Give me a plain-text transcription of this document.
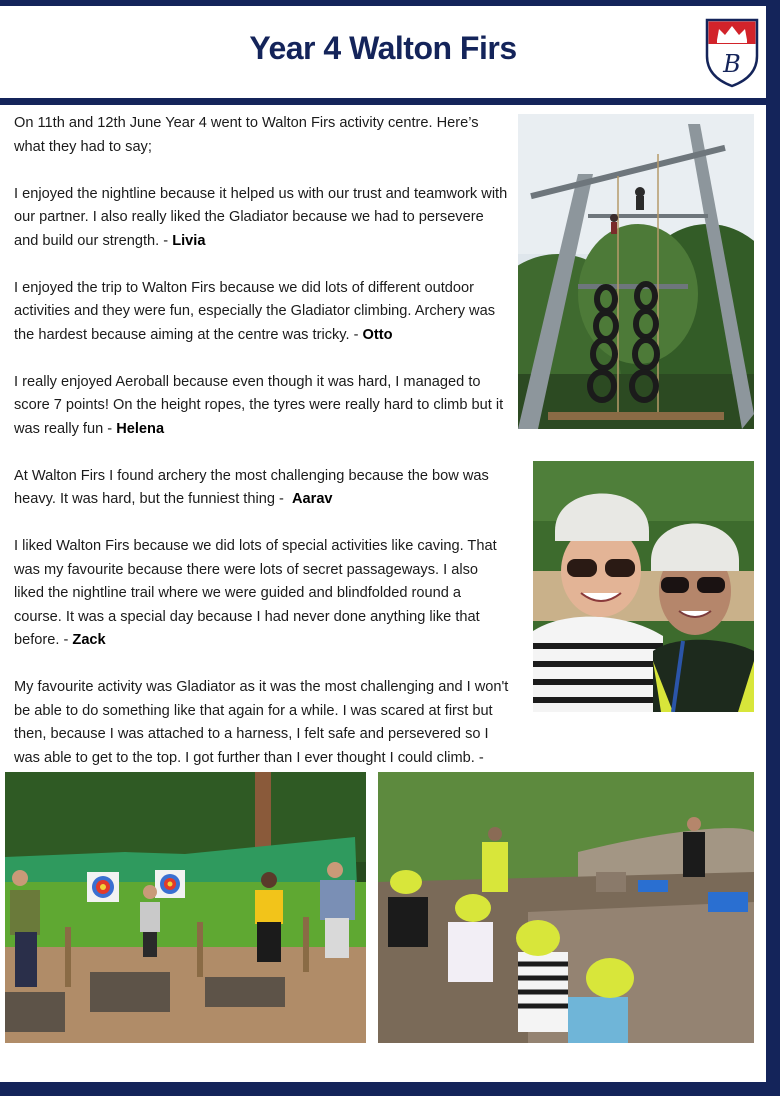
Year 4 Walton Firs	B

On 11th and 12th June Year 4 went to Walton Firs activity centre. Here’s what they had to say;

I enjoyed the nightline because it helped us with our trust and teamwork with our partner. I also really liked the Gladiator because we had to persevere and build our strength. - Livia

I enjoyed the trip to Walton Firs because we did lots of different outdoor activities and they were fun, especially the Gladiator climbing. Archery was the hardest because aiming at the centre was tricky. - Otto

I really enjoyed Aeroball because even though it was hard, I managed to score 7 points! On the height ropes, the tyres were really hard to climb but it was really fun - Helena

At Walton Firs I found archery the most challenging because the bow was heavy. It was hard, but the funniest thing -  Aarav

I liked Walton Firs because we did lots of special activities like caving. That was my favourite because there were lots of secret passageways. I also liked the nightline trail where we were guided and blindfolded round a course. It was a special day because I had never done anything like that before. - Zack

My favourite activity was Gladiator as it was the most challenging and I won't be able to do something like that again for a while. I was scared at first but then, because I was attached to a harness, I felt safe and persevered so I was able to get to the top. I got further than I ever thought I could climb. -
